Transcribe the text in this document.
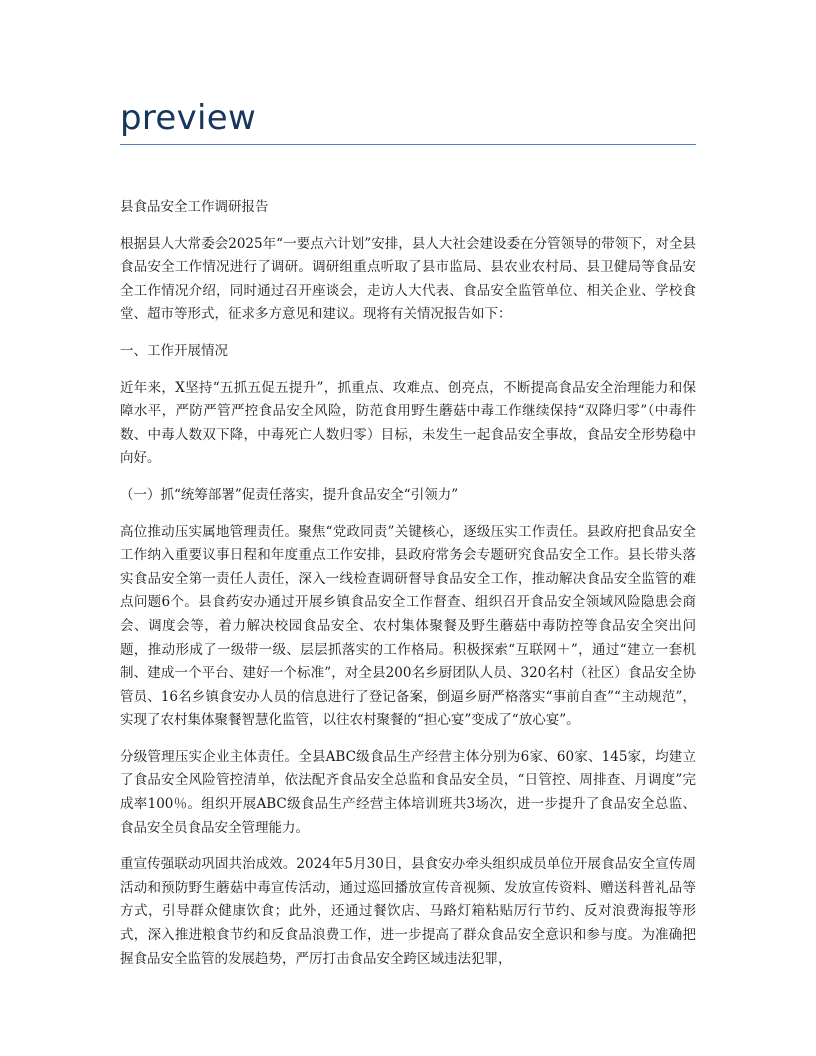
preview

县食品安全工作调研报告

根据县人大常委会2025年“一要点六计划”安排，县人大社会建设委在分管领导的带领下，对全县食品安全工作情况进行了调研。调研组重点听取了县市监局、县农业农村局、县卫健局等食品安全工作情况介绍，同时通过召开座谈会，走访人大代表、食品安全监管单位、相关企业、学校食堂、超市等形式，征求多方意见和建议。现将有关情况报告如下：

一、工作开展情况

近年来，X坚持“五抓五促五提升”，抓重点、攻难点、创亮点，不断提高食品安全治理能力和保障水平，严防严管严控食品安全风险，防范食用野生蘑菇中毒工作继续保持“双降归零”（中毒件数、中毒人数双下降，中毒死亡人数归零）目标，未发生一起食品安全事故，食品安全形势稳中向好。

（一）抓“统筹部署”促责任落实，提升食品安全“引领力”

高位推动压实属地管理责任。聚焦“党政同责”关键核心，逐级压实工作责任。县政府把食品安全工作纳入重要议事日程和年度重点工作安排，县政府常务会专题研究食品安全工作。县长带头落实食品安全第一责任人责任，深入一线检查调研督导食品安全工作，推动解决食品安全监管的难点问题6个。县食药安办通过开展乡镇食品安全工作督查、组织召开食品安全领域风险隐患会商会、调度会等，着力解决校园食品安全、农村集体聚餐及野生蘑菇中毒防控等食品安全突出问题，推动形成了一级带一级、层层抓落实的工作格局。积极探索“互联网＋”，通过“建立一套机制、建成一个平台、建好一个标准”，对全县200名乡厨团队人员、320名村（社区）食品安全协管员、16名乡镇食安办人员的信息进行了登记备案，倒逼乡厨严格落实“事前自查”“主动规范”，实现了农村集体聚餐智慧化监管，以往农村聚餐的“担心宴”变成了“放心宴”。

分级管理压实企业主体责任。全县ABC级食品生产经营主体分别为6家、60家、145家，均建立了食品安全风险管控清单，依法配齐食品安全总监和食品安全员，“日管控、周排查、月调度”完成率100％。组织开展ABC级食品生产经营主体培训班共3场次，进一步提升了食品安全总监、食品安全员食品安全管理能力。

重宣传强联动巩固共治成效。2024年5月30日，县食安办牵头组织成员单位开展食品安全宣传周活动和预防野生蘑菇中毒宣传活动，通过巡回播放宣传音视频、发放宣传资料、赠送科普礼品等方式，引导群众健康饮食；此外，还通过餐饮店、马路灯箱粘贴厉行节约、反对浪费海报等形式，深入推进粮食节约和反食品浪费工作，进一步提高了群众食品安全意识和参与度。为准确把握食品安全监管的发展趋势，严厉打击食品安全跨区域违法犯罪，
